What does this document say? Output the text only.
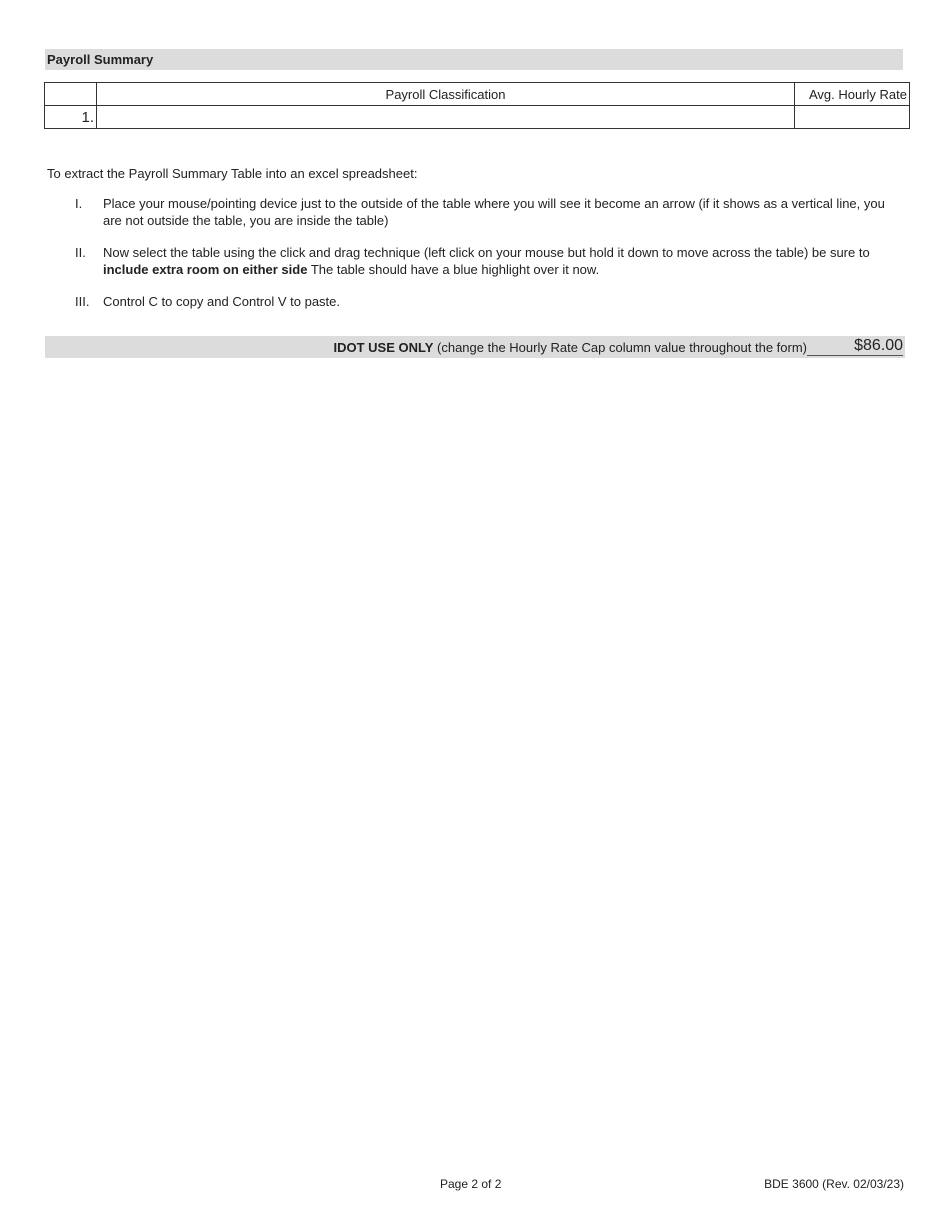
Payroll Summary
	Payroll Classification	Avg. Hourly Rate
1.		
To extract the Payroll Summary Table into an excel spreadsheet:
I.	Place your mouse/pointing device just to the outside of the table where you will see it become an arrow (if it shows as a vertical line, you are not outside the table, you are inside the table)
II.	Now select the table using the click and drag technique (left click on your mouse but hold it down to move across the table) be sure to include extra room on either side The table should have a blue highlight over it now.
III.	Control C to copy and Control V to paste.
IDOT USE ONLY (change the Hourly Rate Cap column value throughout the form)	$86.00
Page 2 of 2	BDE 3600 (Rev. 02/03/23)
